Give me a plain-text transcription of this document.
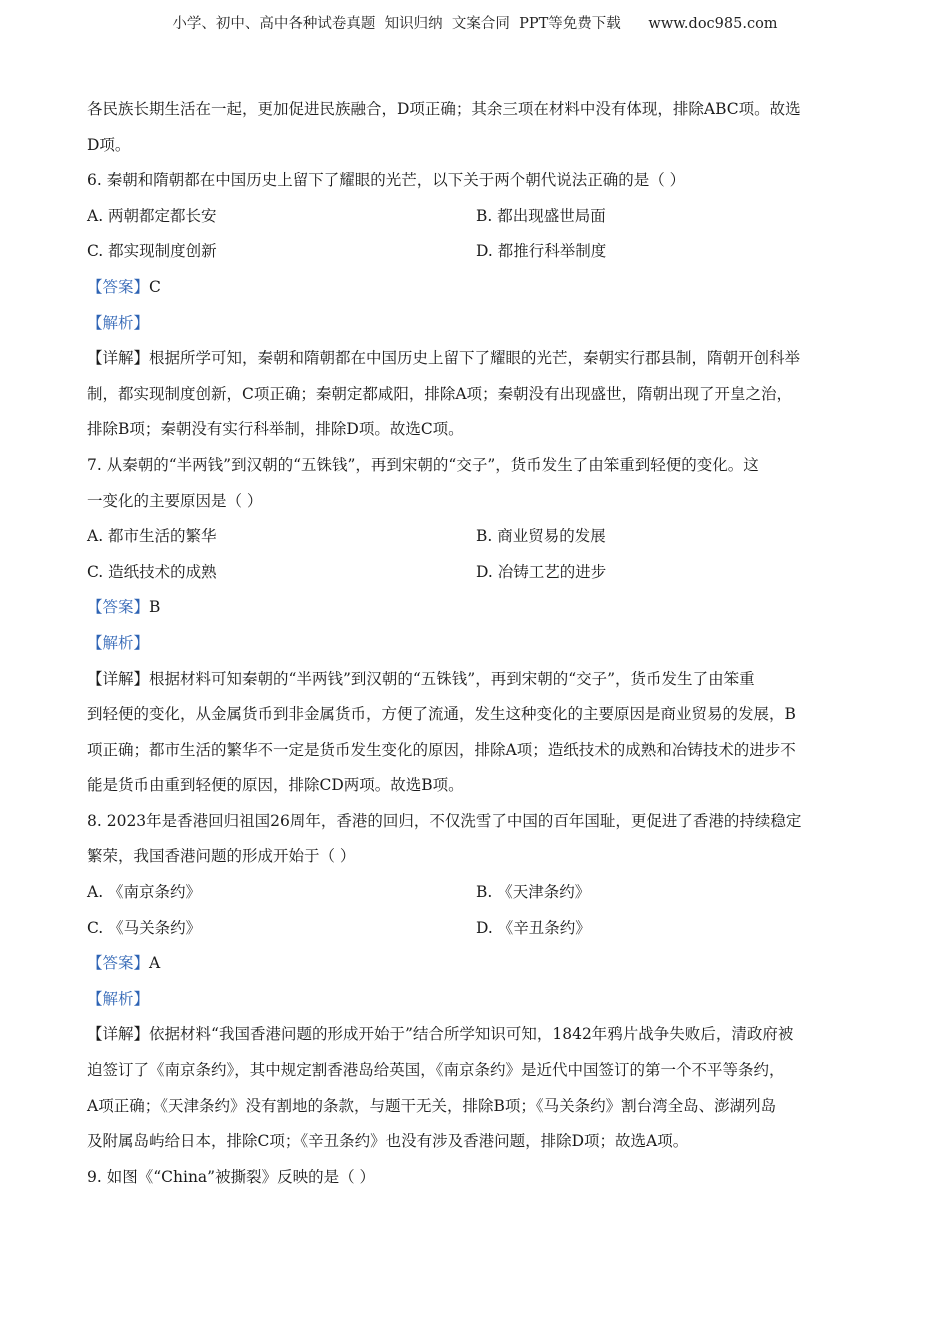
小学、初中、高中各种试卷真题  知识归纳  文案合同  PPT等免费下载      www.doc985.com
各民族长期生活在一起，更加促进民族融合，D项正确；其余三项在材料中没有体现，排除ABC项。故选
D项。
6. 秦朝和隋朝都在中国历史上留下了耀眼的光芒，以下关于两个朝代说法正确的是（ ）
A. 两朝都定都长安	B. 都出现盛世局面
C. 都实现制度创新	D. 都推行科举制度
【答案】C
【解析】
【详解】根据所学可知，秦朝和隋朝都在中国历史上留下了耀眼的光芒，秦朝实行郡县制，隋朝开创科举
制，都实现制度创新，C项正确；秦朝定都咸阳，排除A项；秦朝没有出现盛世，隋朝出现了开皇之治，
排除B项；秦朝没有实行科举制，排除D项。故选C项。
7. 从秦朝的“半两钱”到汉朝的“五铢钱”，再到宋朝的“交子”，货币发生了由笨重到轻便的变化。这
一变化的主要原因是（ ）
A. 都市生活的繁华	B. 商业贸易的发展
C. 造纸技术的成熟	D. 冶铸工艺的进步
【答案】B
【解析】
【详解】根据材料可知秦朝的“半两钱”到汉朝的“五铢钱”，再到宋朝的“交子”，货币发生了由笨重
到轻便的变化，从金属货币到非金属货币，方便了流通，发生这种变化的主要原因是商业贸易的发展，B
项正确；都市生活的繁华不一定是货币发生变化的原因，排除A项；造纸技术的成熟和冶铸技术的进步不
能是货币由重到轻便的原因，排除CD两项。故选B项。
8. 2023年是香港回归祖国26周年，香港的回归，不仅洗雪了中国的百年国耻，更促进了香港的持续稳定
繁荣，我国香港问题的形成开始于（ ）
A. 《南京条约》	B. 《天津条约》
C. 《马关条约》	D. 《辛丑条约》
【答案】A
【解析】
【详解】依据材料“我国香港问题的形成开始于”结合所学知识可知，1842年鸦片战争失败后，清政府被
迫签订了《南京条约》，其中规定割香港岛给英国，《南京条约》是近代中国签订的第一个不平等条约，
A项正确；《天津条约》没有割地的条款，与题干无关，排除B项；《马关条约》割台湾全岛、澎湖列岛
及附属岛屿给日本，排除C项；《辛丑条约》也没有涉及香港问题，排除D项；故选A项。
9. 如图《“China”被撕裂》反映的是（ ）
